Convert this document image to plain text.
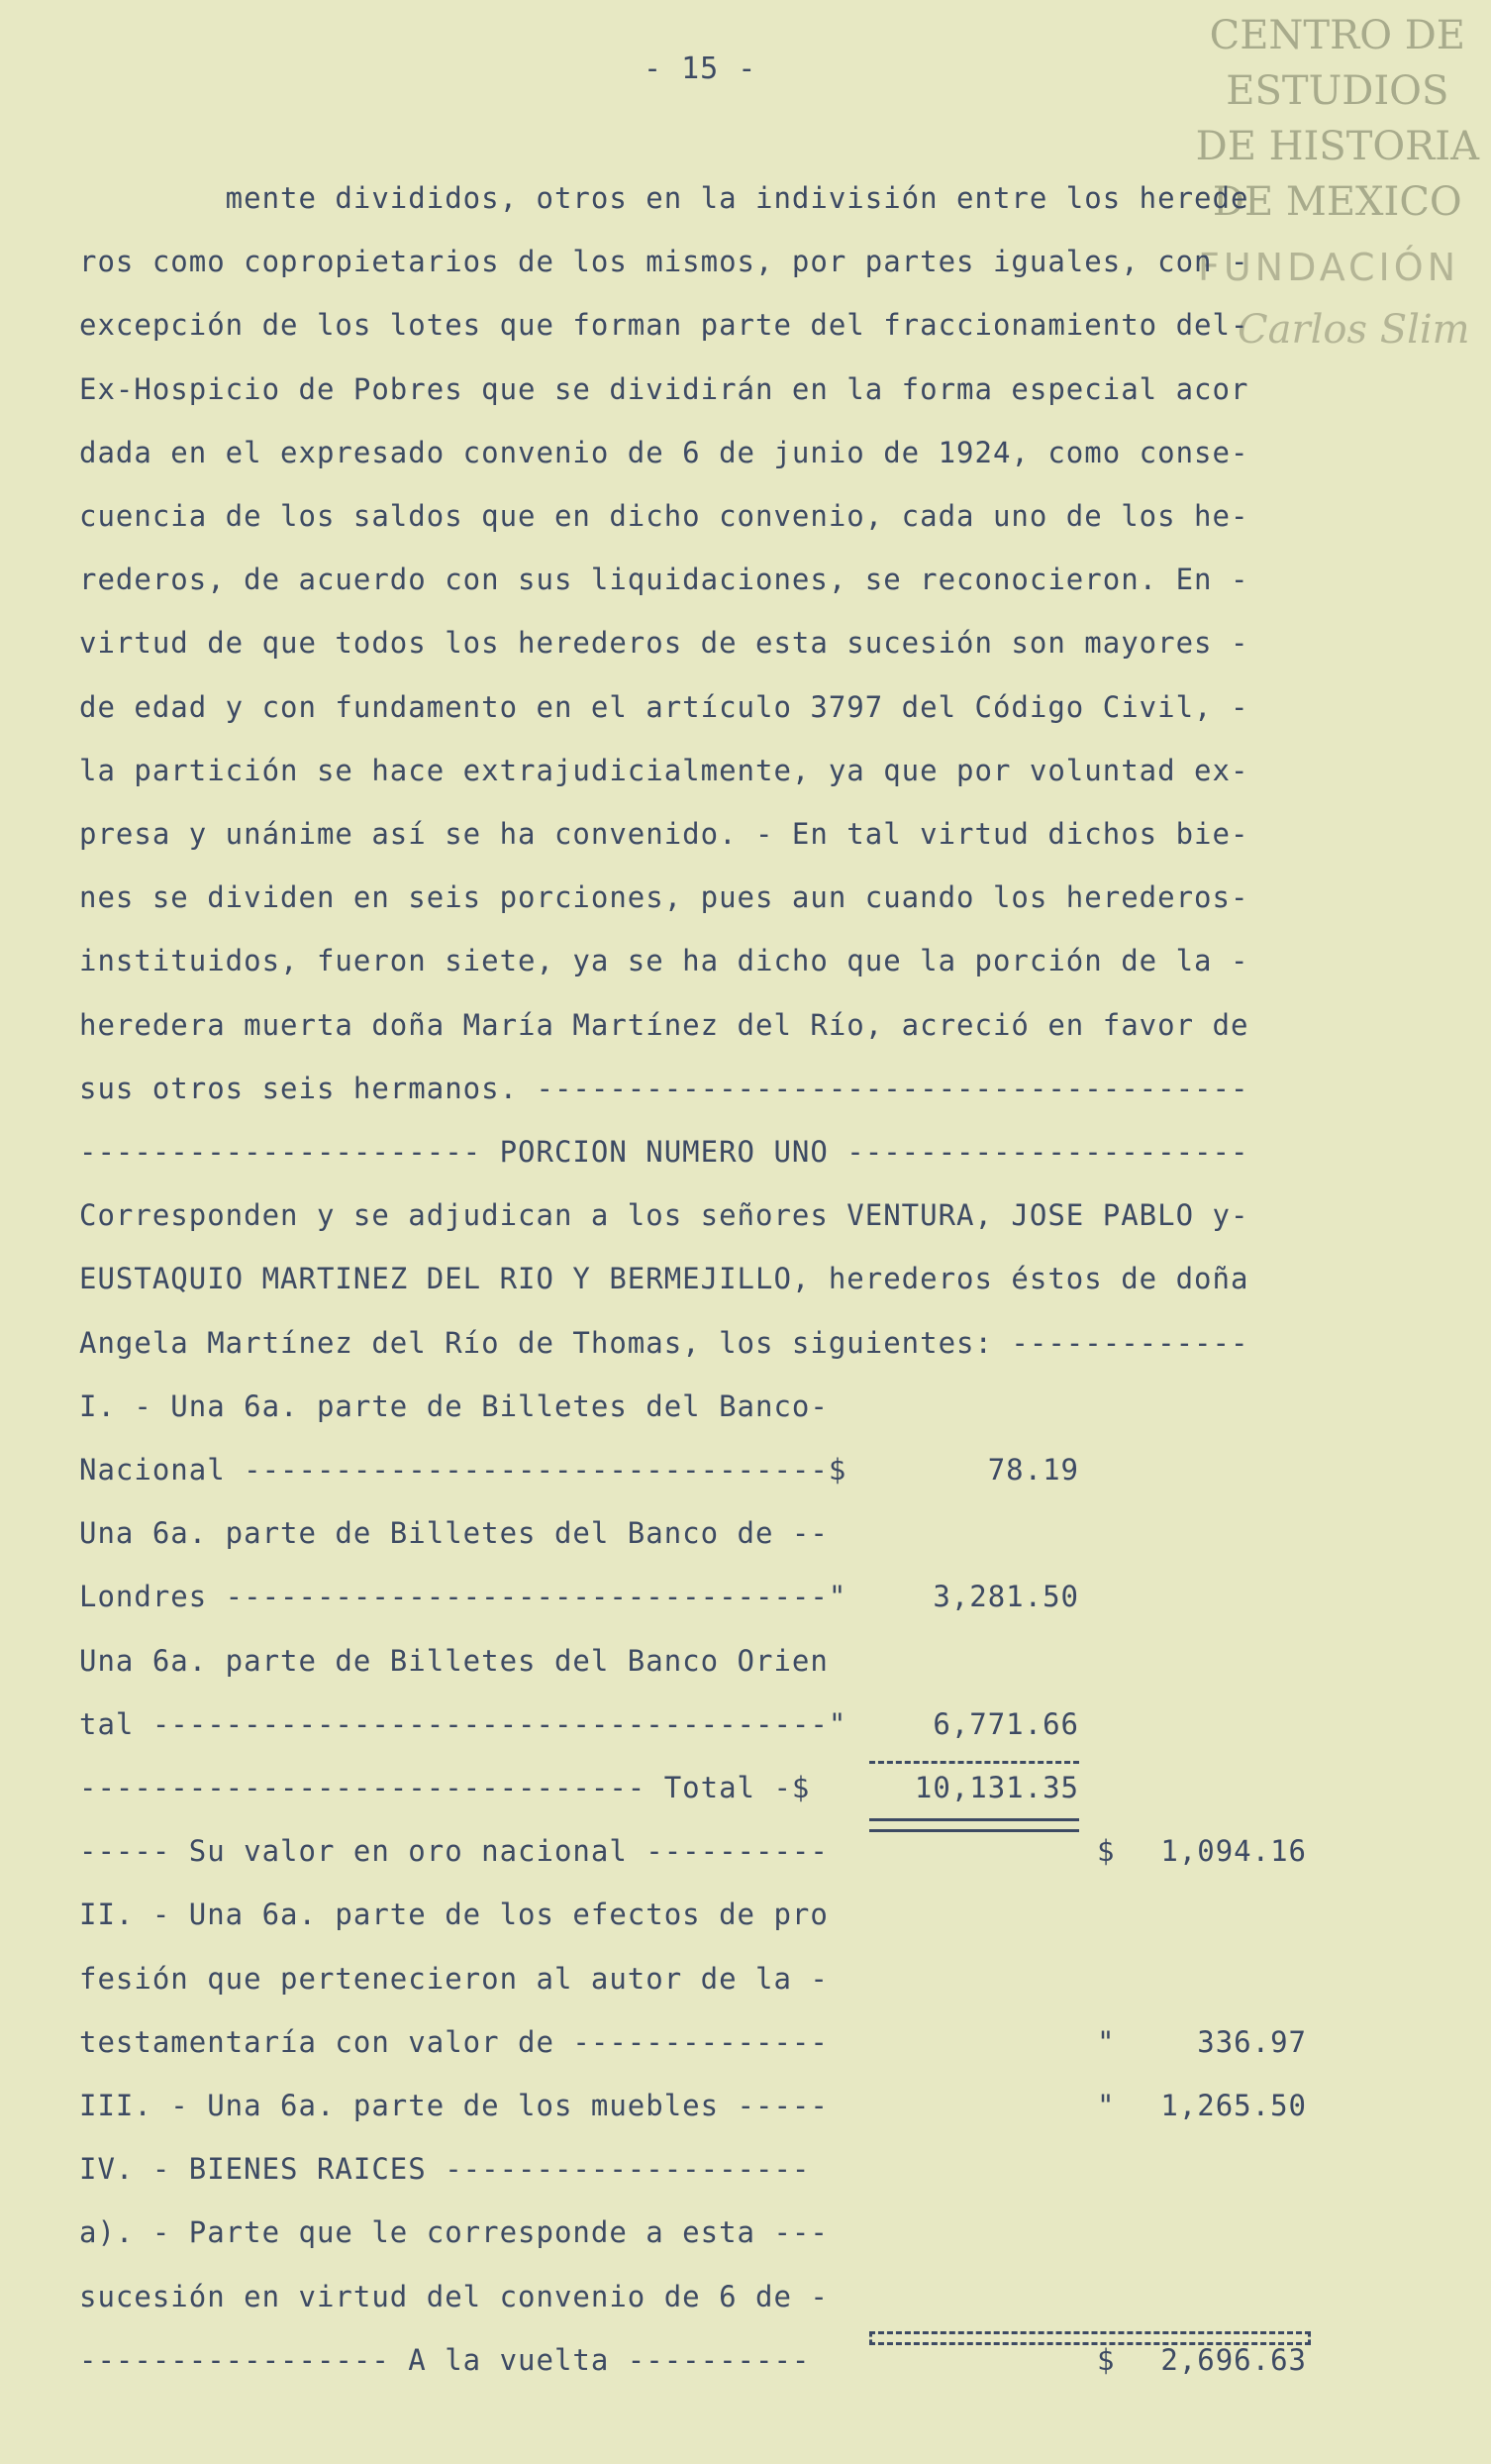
CENTRO DE
ESTUDIOS
DE HISTORIA
DE MEXICO
FUNDACIÓN
Carlos Slim
- 15 -
mente divididos, otros en la indivisión entre los herede
ros como copropietarios de los mismos, por partes iguales, con -
excepción de los lotes que forman parte del fraccionamiento del-
Ex-Hospicio de Pobres que se dividirán en la forma especial acor
dada en el expresado convenio de 6 de junio de 1924, como conse-
cuencia de los saldos que en dicho convenio, cada uno de los he-
rederos, de acuerdo con sus liquidaciones, se reconocieron. En -
virtud de que todos los herederos de esta sucesión son mayores -
de edad y con fundamento en el artículo 3797 del Código Civil, -
la partición se hace extrajudicialmente, ya que por voluntad ex-
presa y unánime así se ha convenido. - En tal virtud dichos bie-
nes se dividen en seis porciones, pues aun cuando los herederos-
instituidos, fueron siete, ya se ha dicho que la porción de la -
heredera muerta doña María Martínez del Río, acreció en favor de
sus otros seis hermanos. ---------------------------------------
---------------------- PORCION NUMERO UNO ----------------------
Corresponden y se adjudican a los señores VENTURA, JOSE PABLO y-
EUSTAQUIO MARTINEZ DEL RIO Y BERMEJILLO, herederos éstos de doña
Angela Martínez del Río de Thomas, los siguientes: -------------
I. - Una 6a. parte de Billetes del Banco-
Nacional --------------------------------$	78.19
Una 6a. parte de Billetes del Banco de --
Londres ---------------------------------"	3,281.50
Una 6a. parte de Billetes del Banco Orien
tal -------------------------------------"	6,771.66
------------------------------- Total -$	10,131.35
----- Su valor en oro nacional ----------	$ 1,094.16
II. - Una 6a. parte de los efectos de pro
fesión que pertenecieron al autor de la -
testamentaría con valor de --------------	"	336.97
III. - Una 6a. parte de los muebles -----	" 1,265.50
IV. - BIENES RAICES --------------------
a). - Parte que le corresponde a esta ---
sucesión en virtud del convenio de 6 de -
----------------- A la vuelta ----------	$ 2,696.63
